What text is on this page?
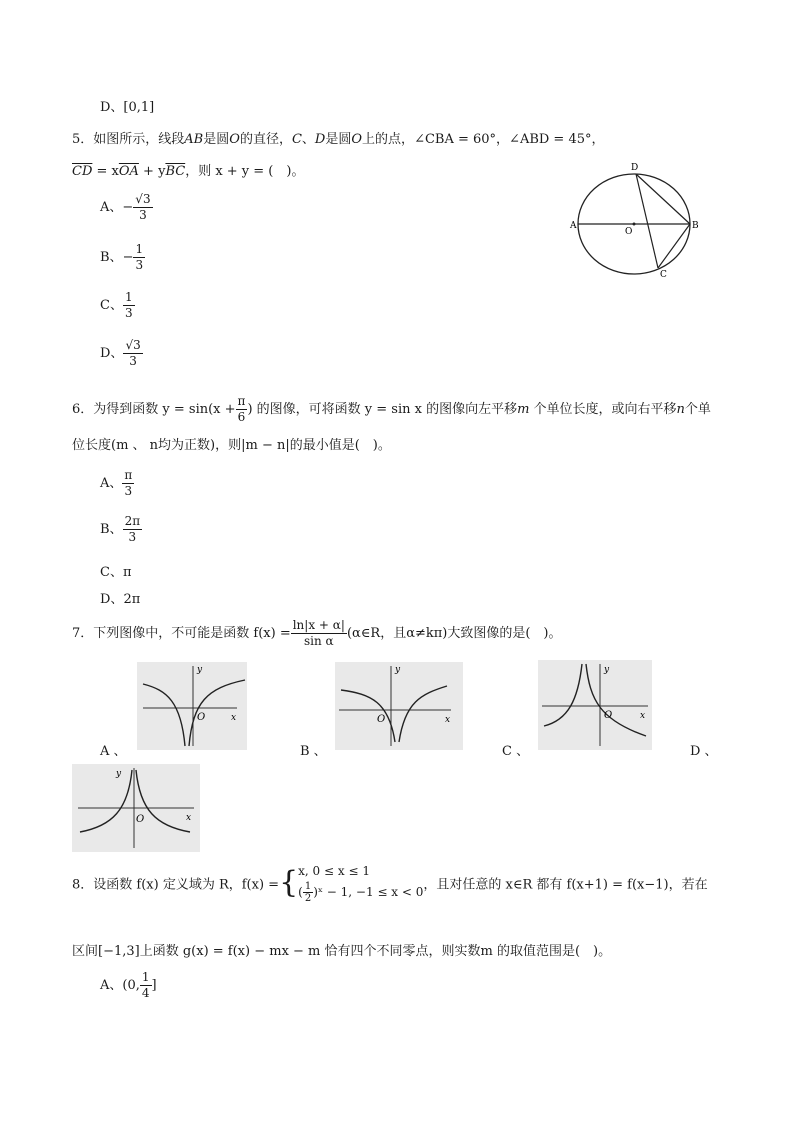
D、[0,1]
5．如图所示，线段AB是圆O的直径，C、D是圆O上的点，∠CBA = 60°，∠ABD = 45°，
$\overline{CD} = x\overline{OA} + y\overline{BC}$，则 x + y = (　)。
A、− $\frac{√3}{3}$
B、− $\frac{1}{3}$
C、 $\frac{1}{3}$
D、 $\frac{√3}{3}$
A	B
C
D
O
6．为得到函数 $y = \sin(x + \frac{\pi}{6}$ ) 的图像，可将函数 y = sin x 的图像向左平移m 个单位长度，或向右平移n个单
位长度(m 、 n均为正数)，则|m − n|的最小值是(　)。
A、 $\frac{\pi}{3}$
B、 $\frac{2\pi}{3}$
C、π
D、2π
7．下列图像中，不可能是函数 $f(x) = \frac{\ln|x + \alpha|}{\text{sin α}}$ (α∈R，且α≠kπ)大致图像的是(　)。
y
x
O
A 、
y
x
O
B 、
y
x
O
C 、	D 、
y
x
O
8．设函数 f(x) 定义域为 R，f(x) ={ x, 0 ≤ x ≤ 1
( $\frac{1}{2}$ )ˣ − 1, −1 ≤ x < 0 ，且对任意的 x∈R 都有 f(x+1) = f(x−1)，若在
区间[−1,3]上函数 g(x) = f(x) − mx − m 恰有四个不同零点，则实数m 的取值范围是(　)。
A、(0, $\frac{1}{4}$ ]
